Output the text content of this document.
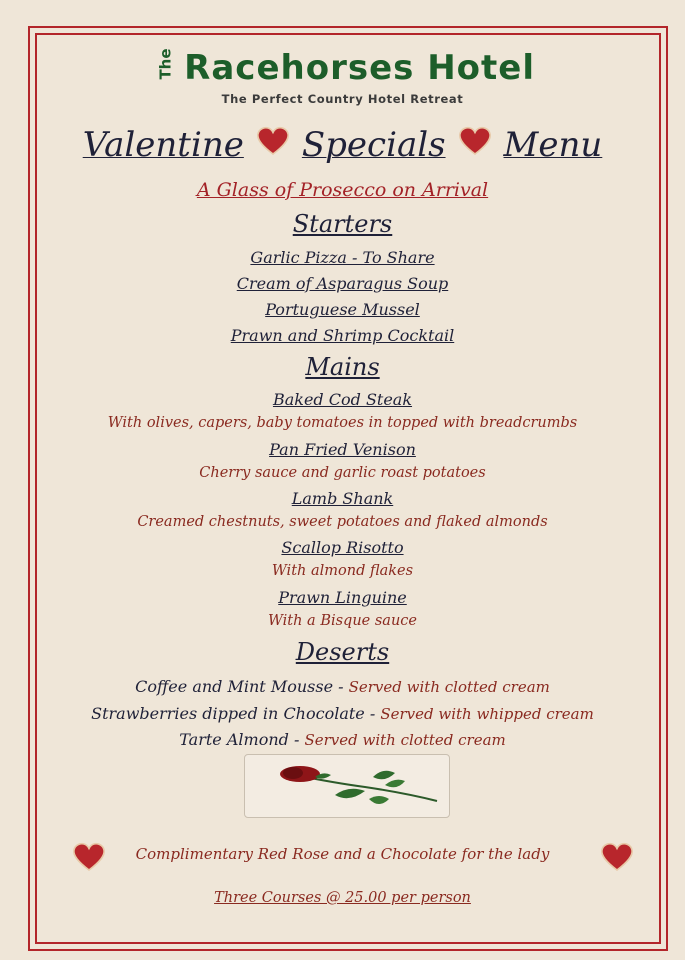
The Racehorses Hotel
The Perfect Country Hotel Retreat
Valentine Specials Menu
A Glass of Prosecco on Arrival
Starters
Garlic Pizza - To Share
Cream of Asparagus Soup
Portuguese Mussel
Prawn and Shrimp Cocktail
Mains
Baked Cod Steak
With olives, capers, baby tomatoes in topped with breadcrumbs
Pan Fried Venison
Cherry sauce and garlic roast potatoes
Lamb Shank
Creamed chestnuts, sweet potatoes and flaked almonds
Scallop Risotto
With almond flakes
Prawn Linguine
With a Bisque sauce
Deserts
Coffee and Mint Mousse - Served with clotted cream
Strawberries dipped in Chocolate - Served with whipped cream
Tarte Almond - Served with clotted cream
Complimentary Red Rose and a Chocolate for the lady
Three Courses @ 25.00 per person
